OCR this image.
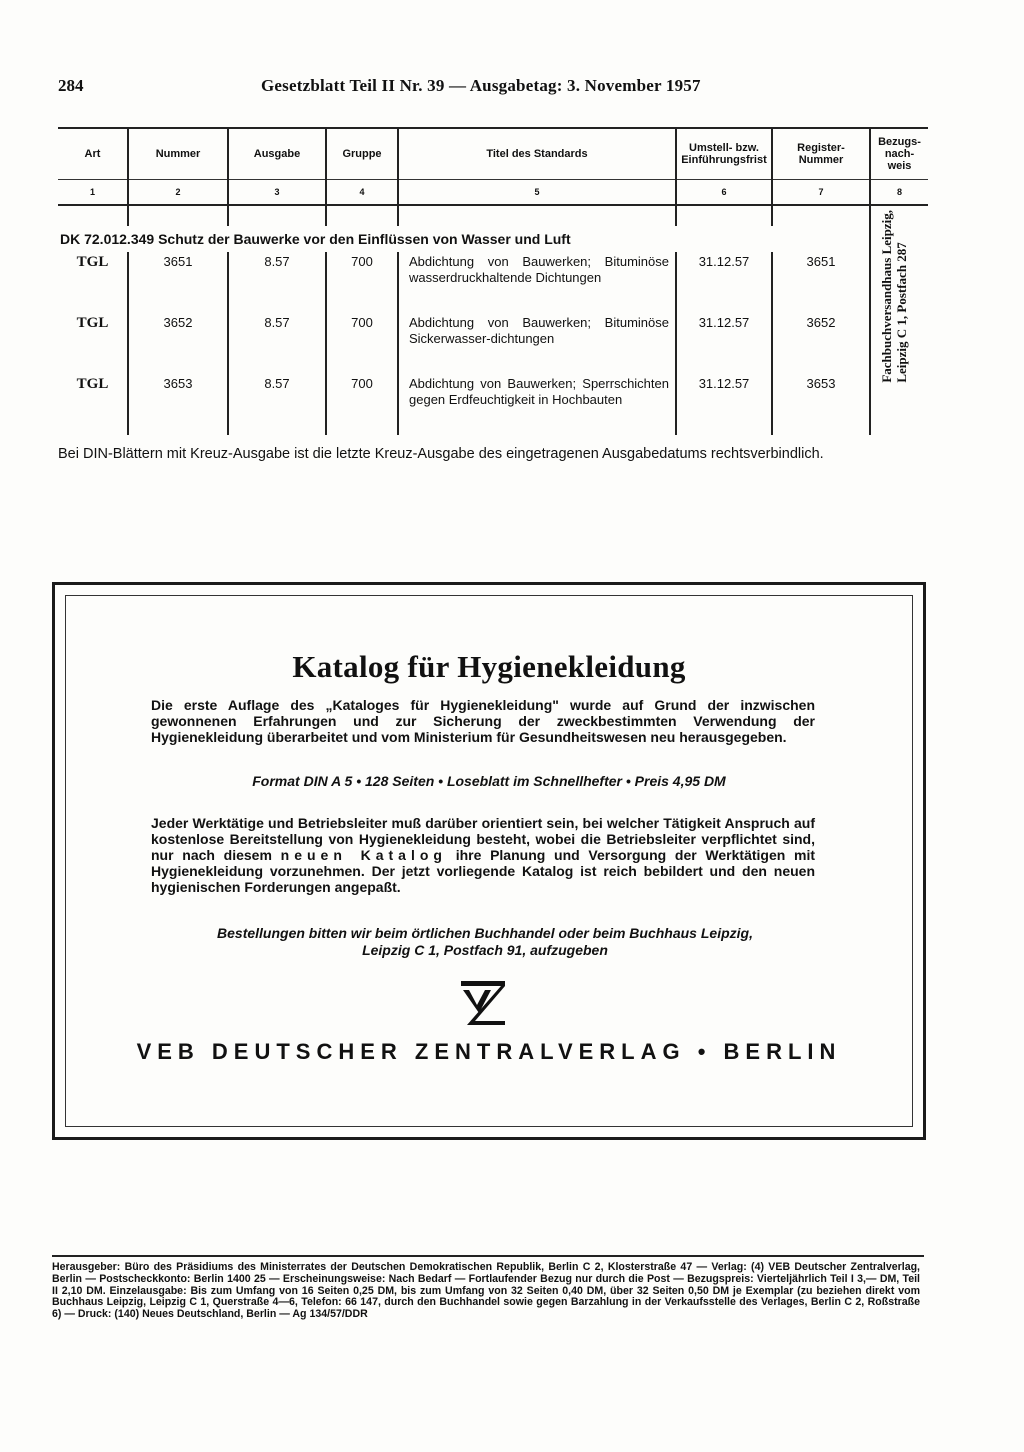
284	Gesetzblatt Teil II Nr. 39 — Ausgabetag: 3. November 1957
Art	Nummer	Ausgabe	Gruppe	Titel des Standards	Umstell- bzw. Einführungsfrist	Register-Nummer	Bezugs-nach-weis
1	2	3	4	5	6	7	8

							Fachbuchversandhaus Leipzig,
Leipzig C 1, Postfach 287

DK 72.012.349 Schutz der Bauwerke vor den Einflüssen von Wasser und Luft							
TGL	3651	8.57	700	Abdichtung von Bauwerken; Bituminöse wasserdruckhaltende Dichtungen	31.12.57	3651	
TGL	3652	8.57	700	Abdichtung von Bauwerken; Bituminöse Sickerwasser-dichtungen	31.12.57	3652	
TGL	3653	8.57	700	Abdichtung von Bauwerken; Sperrschichten gegen Erdfeuchtigkeit in Hochbauten	31.12.57	3653	
Bei DIN-Blättern mit Kreuz-Ausgabe ist die letzte Kreuz-Ausgabe des eingetragenen Ausgabedatums rechtsverbindlich.
Katalog für Hygienekleidung
Die erste Auflage des „Kataloges für Hygienekleidung" wurde auf Grund der inzwischen gewonnenen Erfahrungen und zur Sicherung der zweckbestimmten Verwendung der Hygienekleidung überarbeitet und vom Ministerium für Gesundheitswesen neu herausgegeben.
Format DIN A 5 • 128 Seiten • Loseblatt im Schnellhefter • Preis 4,95 DM
Jeder Werktätige und Betriebsleiter muß darüber orientiert sein, bei welcher Tätigkeit Anspruch auf kostenlose Bereitstellung von Hygienekleidung besteht, wobei die Betriebsleiter verpflichtet sind, nur nach diesem neuen Katalog ihre Planung und Versorgung der Werktätigen mit Hygienekleidung vorzunehmen. Der jetzt vorliegende Katalog ist reich bebildert und den neuen hygienischen Forderungen angepaßt.
Bestellungen bitten wir beim örtlichen Buchhandel oder beim Buchhaus Leipzig,
Leipzig C 1, Postfach 91, aufzugeben
VEB DEUTSCHER ZENTRALVERLAG • BERLIN
Herausgeber: Büro des Präsidiums des Ministerrates der Deutschen Demokratischen Republik, Berlin C 2, Klosterstraße 47 — Verlag: (4) VEB Deutscher Zentralverlag, Berlin — Postscheckkonto: Berlin 1400 25 — Erscheinungsweise: Nach Bedarf — Fortlaufender Bezug nur durch die Post — Bezugspreis: Vierteljährlich Teil I 3,— DM, Teil II 2,10 DM. Einzelausgabe: Bis zum Umfang von 16 Seiten 0,25 DM, bis zum Umfang von 32 Seiten 0,40 DM, über 32 Seiten 0,50 DM je Exemplar (zu beziehen direkt vom Buchhaus Leipzig, Leipzig C 1, Querstraße 4—6, Telefon: 66 147, durch den Buchhandel sowie gegen Barzahlung in der Verkaufsstelle des Verlages, Berlin C 2, Roßstraße 6) — Druck: (140) Neues Deutschland, Berlin — Ag 134/57/DDR
